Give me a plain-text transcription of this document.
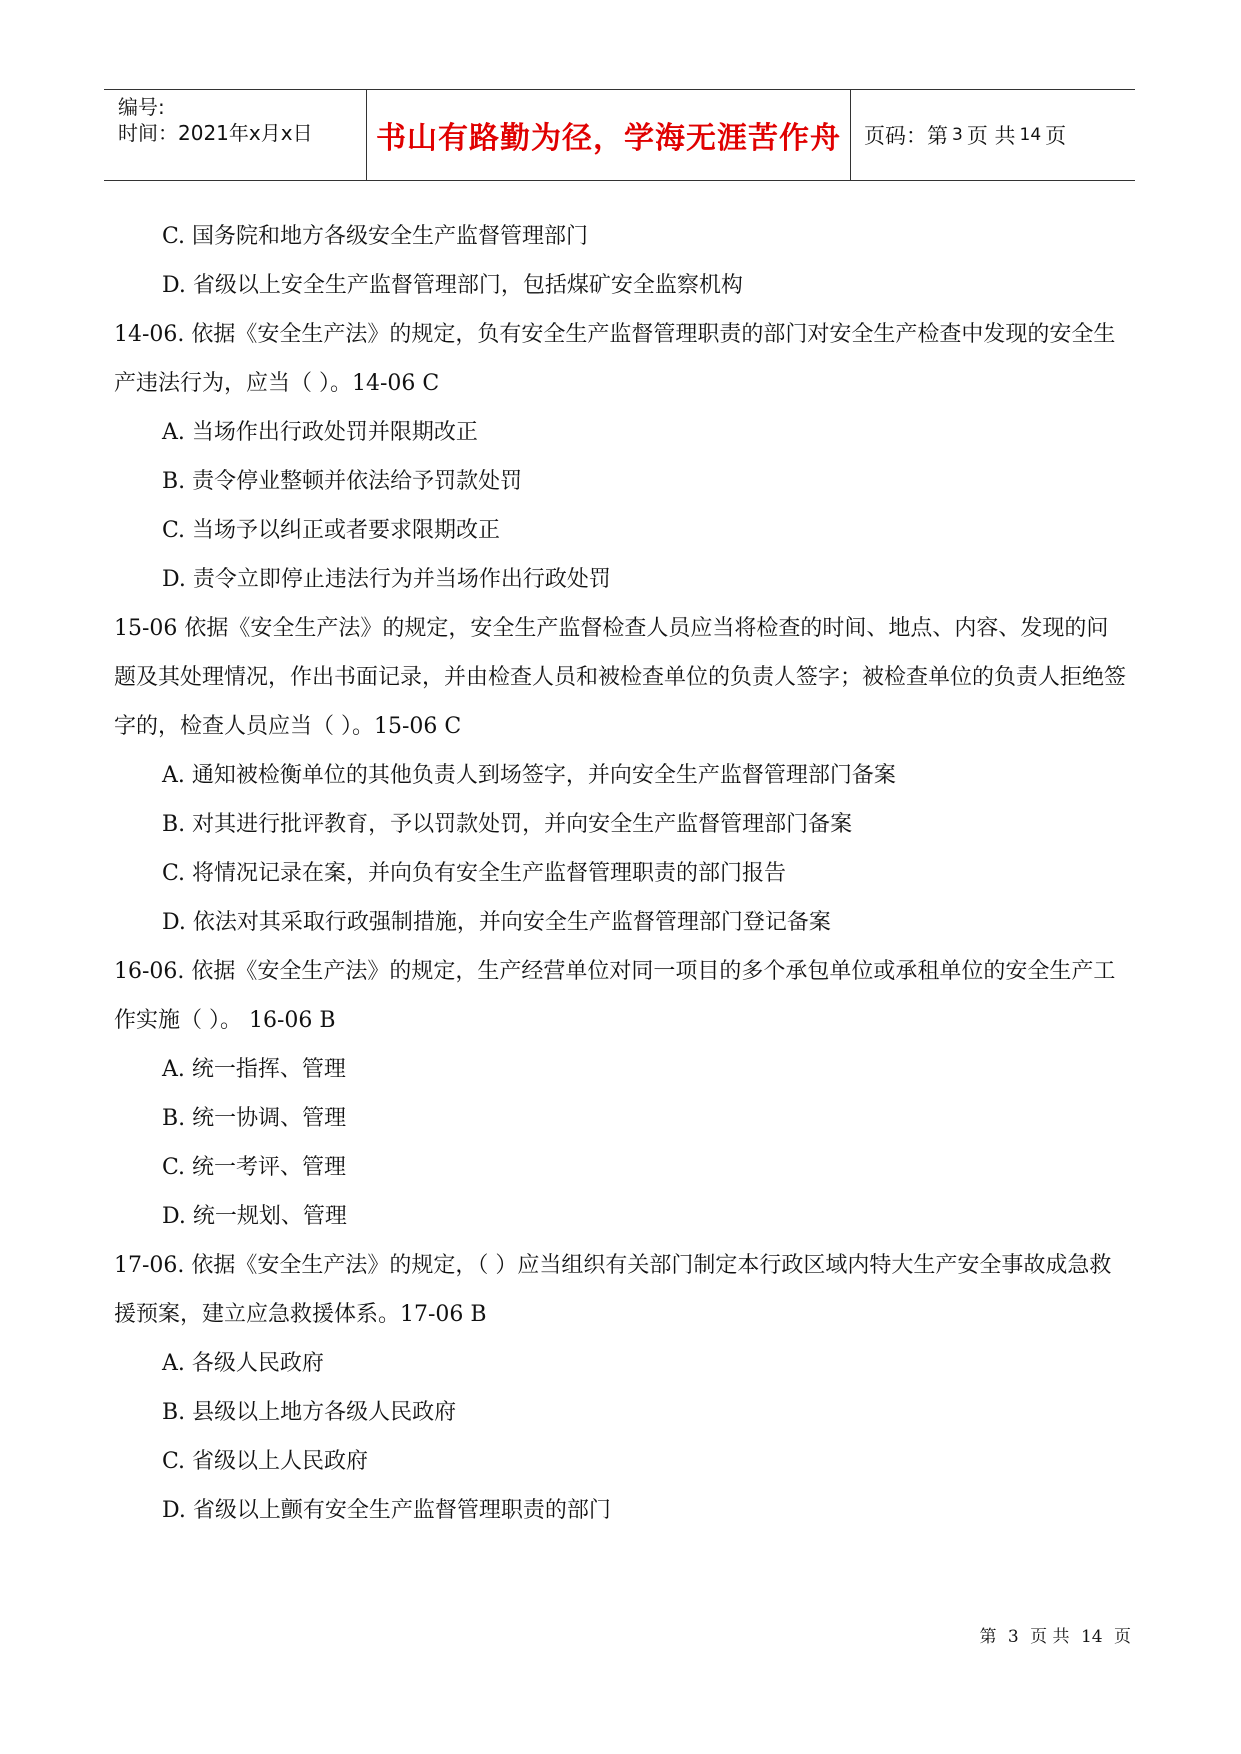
编号:
时间：2021年x月x日	书山有路勤为径，学海无涯苦作舟 页码：第 3 页 共 14 页
C. 国务院和地方各级安全生产监督管理部门
D. 省级以上安全生产监督管理部门，包括煤矿安全监察机构
14-06. 依据《安全生产法》的规定，负有安全生产监督管理职责的部门对安全生产检查中发现的安全生产违法行为，应当（ ）。14-06 C
A. 当场作出行政处罚并限期改正
B. 责令停业整顿并依法给予罚款处罚
C. 当场予以纠正或者要求限期改正
D. 责令立即停止违法行为并当场作出行政处罚
15-06 依据《安全生产法》的规定，安全生产监督检查人员应当将检查的时间、地点、内容、发现的问题及其处理情况，作出书面记录，并由检查人员和被检查单位的负责人签字；被检查单位的负责人拒绝签字的，检查人员应当（ ）。15-06 C
A. 通知被检衡单位的其他负责人到场签字，并向安全生产监督管理部门备案
B. 对其进行批评教育，予以罚款处罚，并向安全生产监督管理部门备案
C. 将情况记录在案，并向负有安全生产监督管理职责的部门报告
D. 依法对其采取行政强制措施，并向安全生产监督管理部门登记备案
16-06. 依据《安全生产法》的规定，生产经营单位对同一项目的多个承包单位或承租单位的安全生产工作实施（ ）。 16-06 B
A. 统一指挥、管理
B. 统一协调、管理
C. 统一考评、管理
D. 统一规划、管理
17-06. 依据《安全生产法》的规定，（ ）应当组织有关部门制定本行政区域内特大生产安全事故成急救援预案，建立应急救援体系。17-06 B
A. 各级人民政府
B. 县级以上地方各级人民政府
C. 省级以上人民政府
D. 省级以上颤有安全生产监督管理职责的部门
第 3 页 共 14 页
